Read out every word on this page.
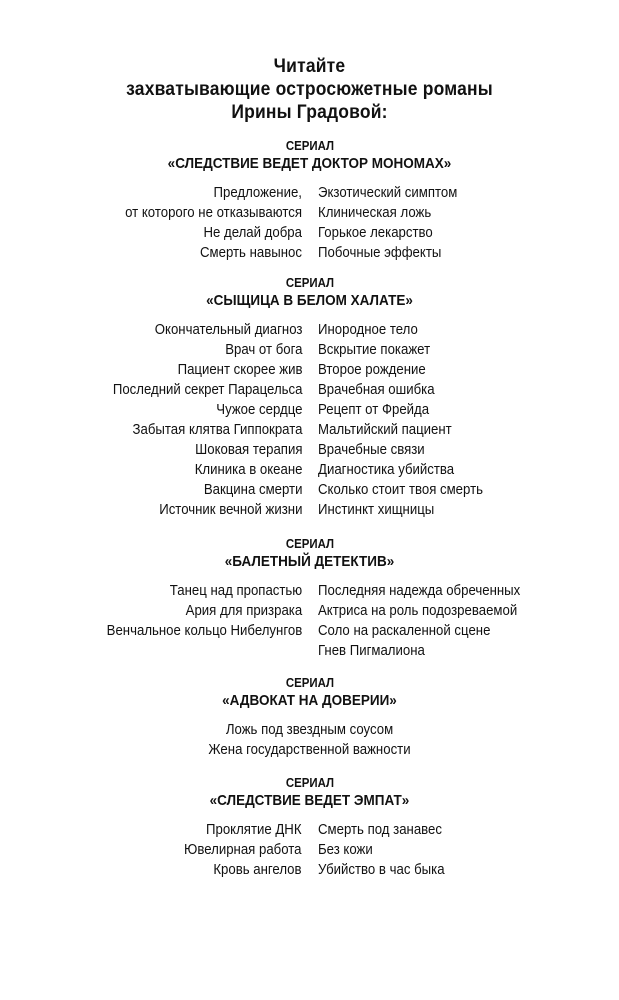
Читайте
захватывающие остросюжетные романы
Ирины Градовой:
СЕРИАЛ
«СЛЕДСТВИЕ ВЕДЕТ ДОКТОР МОНОМАХ»
Предложение,
от которого не отказываются
Не делай добра
Смерть навынос
Экзотический симптом
Клиническая ложь
Горькое лекарство
Побочные эффекты
СЕРИАЛ
«СЫЩИЦА В БЕЛОМ ХАЛАТЕ»
Окончательный диагноз
Врач от бога
Пациент скорее жив
Последний секрет Парацельса
Чужое сердце
Забытая клятва Гиппократа
Шоковая терапия
Клиника в океане
Вакцина смерти
Источник вечной жизни
Инородное тело
Вскрытие покажет
Второе рождение
Врачебная ошибка
Рецепт от Фрейда
Мальтийский пациент
Врачебные связи
Диагностика убийства
Сколько стоит твоя смерть
Инстинкт хищницы
СЕРИАЛ
«БАЛЕТНЫЙ ДЕТЕКТИВ»
Танец над пропастью
Ария для призрака
Венчальное кольцо Нибелунгов
Последняя надежда обреченных
Актриса на роль подозреваемой
Соло на раскаленной сцене
Гнев Пигмалиона
СЕРИАЛ
«АДВОКАТ НА ДОВЕРИИ»
Ложь под звездным соусом
Жена государственной важности
СЕРИАЛ
«СЛЕДСТВИЕ ВЕДЕТ ЭМПАТ»
Проклятие ДНК
Ювелирная работа
Кровь ангелов
Смерть под занавес
Без кожи
Убийство в час быка
